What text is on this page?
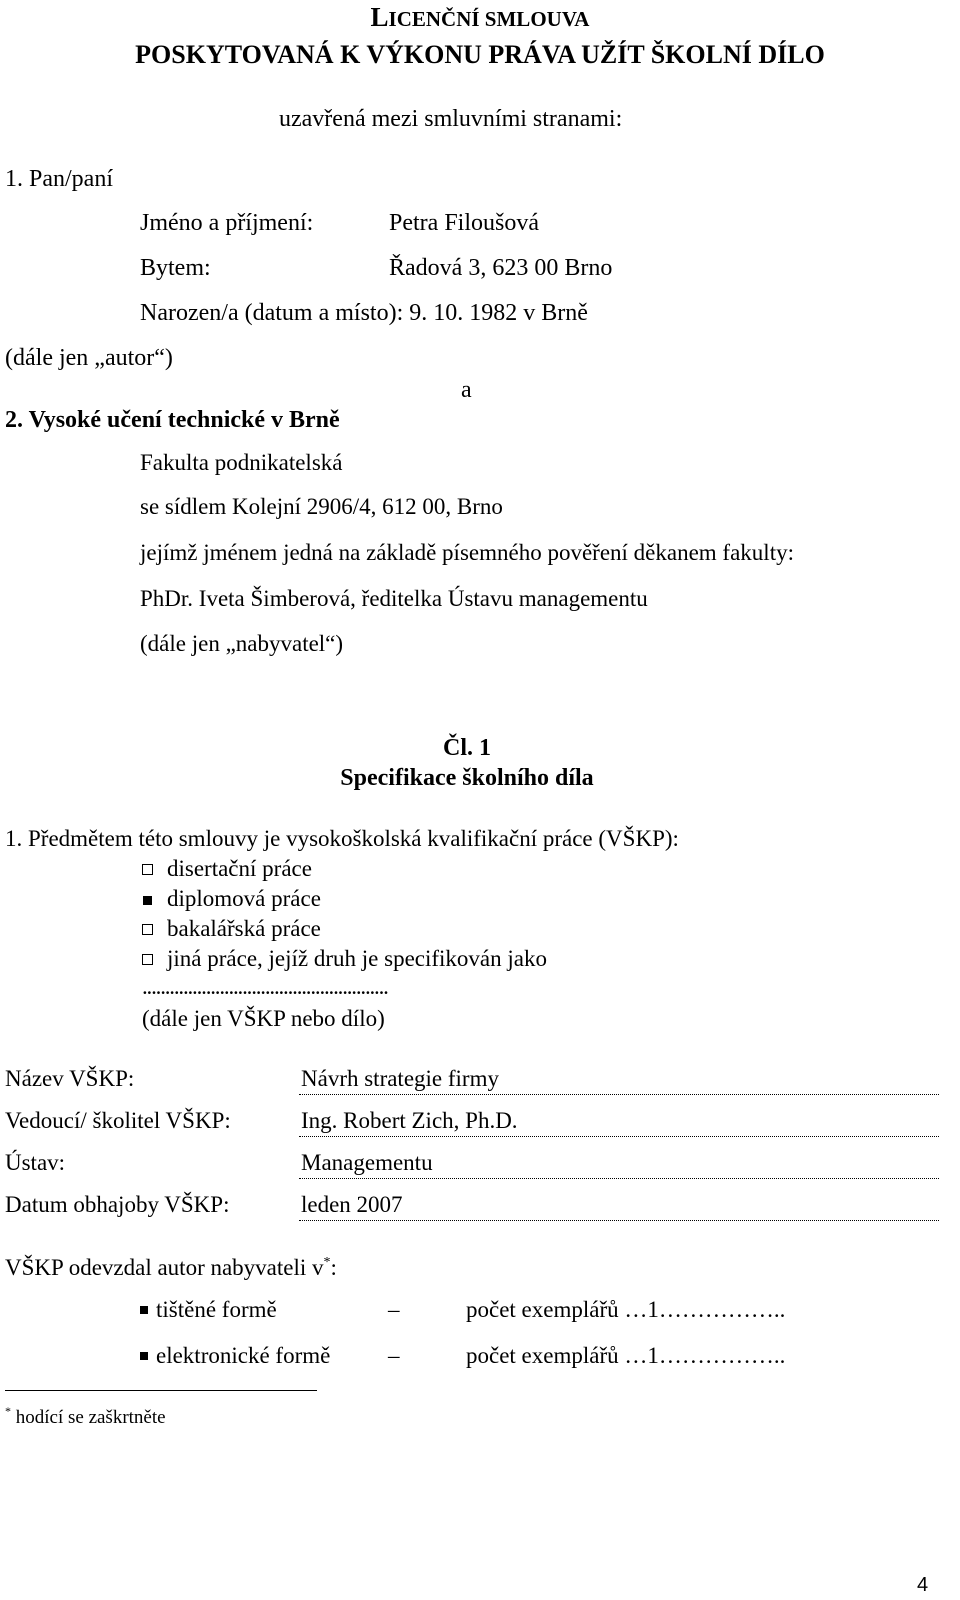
LICENČNÍ SMLOUVA
POSKYTOVANÁ K VÝKONU PRÁVA UŽÍT ŠKOLNÍ DÍLO
uzavřená mezi smluvními stranami:
1. Pan/paní
Jméno a příjmení:	Petra Filoušová
Bytem:	Řadová 3, 623 00 Brno
Narozen/a (datum a místo): 9. 10. 1982 v Brně
(dále jen „autor“)
a
2. Vysoké učení technické v Brně
Fakulta podnikatelská
se sídlem Kolejní 2906/4, 612 00, Brno
jejímž jménem jedná na základě písemného pověření děkanem fakulty:
PhDr. Iveta Šimberová, ředitelka Ústavu managementu
(dále jen „nabyvatel“)
Čl. 1
Specifikace školního díla
1. Předmětem této smlouvy je vysokoškolská kvalifikační práce (VŠKP):
disertační práce
diplomová práce
bakalářská práce
jiná práce, jejíž druh je specifikován jako
......................................................
(dále jen VŠKP nebo dílo)
Název VŠKP:	Návrh strategie firmy
Vedoucí/ školitel VŠKP:	Ing. Robert Zich, Ph.D.
Ústav:	Managementu
Datum obhajoby VŠKP:	leden 2007
VŠKP odevzdal autor nabyvateli v*:
tištěné formě	–	počet exemplářů …1……………..
elektronické formě	–	počet exemplářů …1……………..
* hodící se zaškrtněte
4
